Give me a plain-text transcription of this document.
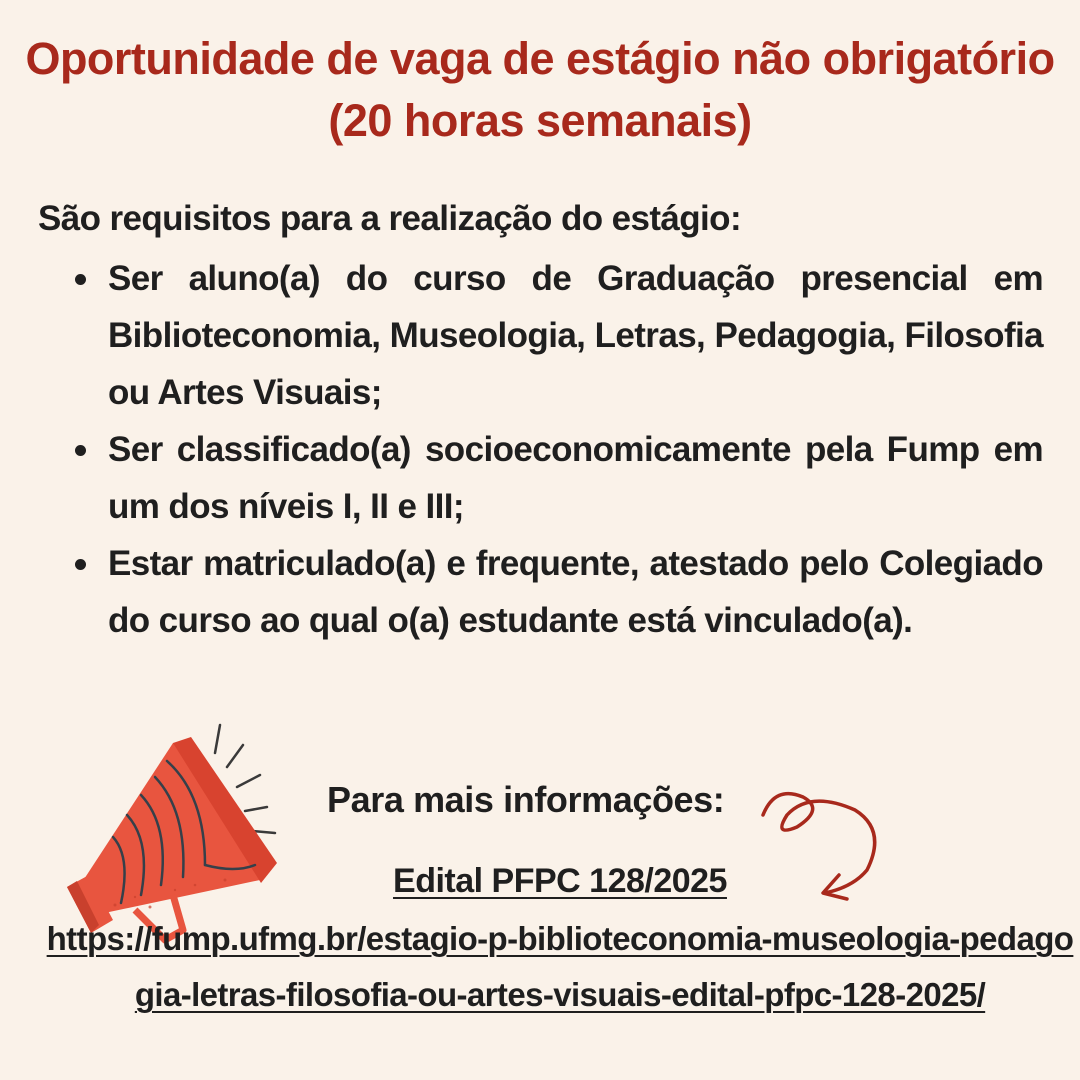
Oportunidade de vaga de estágio não obrigatório
(20 horas semanais)
São requisitos para a realização do estágio:
Ser aluno(a) do curso de Graduação presencial em Biblioteconomia, Museologia, Letras, Pedagogia, Filosofia ou Artes Visuais;
Ser classificado(a) socioeconomicamente pela Fump em um dos níveis I, II e III;
Estar matriculado(a) e frequente, atestado pelo Colegiado do curso ao qual o(a) estudante está vinculado(a).
Para mais informações:
Edital PFPC 128/2025
https://fump.ufmg.br/estagio-p-biblioteconomia-museologia-pedagogia-letras-filosofia-ou-artes-visuais-edital-pfpc-128-2025/
